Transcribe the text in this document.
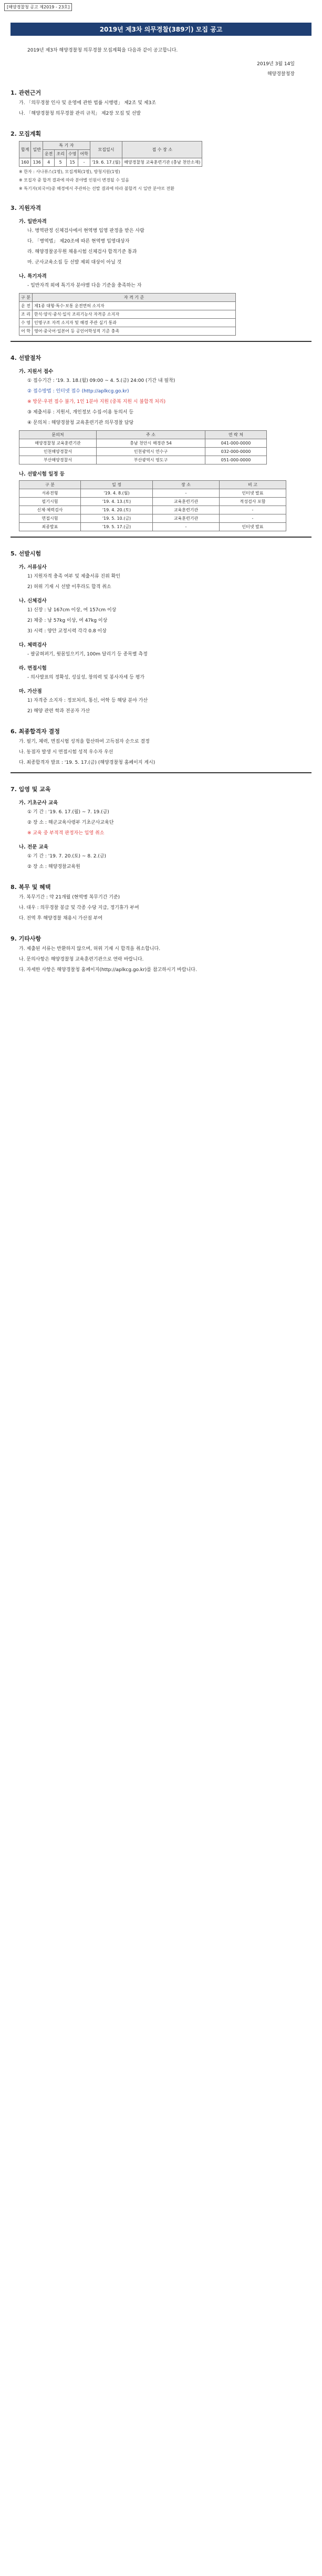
[해양경찰청 공고 제2019 - 23호]
2019년 제3차 의무경찰(389기) 모집 공고
2019년 제3차 해양경찰청 의무경찰 모집계획을 다음과 같이 공고합니다.
2019년 3월 14일
해양경찰청장
1. 관련근거
가. 「의무경찰 인사 및 운영에 관한 법률 시행령」 제2조 및 제3조
나. 「해양경찰청 의무경찰 관리 규칙」 제2장 모집 및 선발
2. 모집계획
합계	일반	특 기 자				모집일시	접 수 장 소
		운전	조리	수영	어학		
160	136	4	5	15	-	'19. 6. 17.(월)	해양경찰청 교육훈련기관 (충남 천안소재)
※ 한자 : 사나뷰스(1명), 모집계획(1명), 방청지원(1명)
※ 모집자 중 합격 결과에 따라 분야별 인원이 변경될 수 있음
※ 특기자(외국어)중 해경에서 주관하는 선발 결과에 따라 불합격 시 일반 분야로 전환
3. 지원자격
가. 일반자격
나. 병역판정 신체검사에서 현역병 입영 판정을 받은 사람
다. 「병역법」 제20조에 따른 현역병 입영대상자
라. 해양경찰공무원 채용시험 신체검사 합격기준 통과
마. 군사교육소집 등 선발 제외 대상이 아닐 것
나. 특기자격
- 일반자격 외에 특기자 분야별 다음 기준을 충족하는 자
구 분	자 격 기 준
운 전	제1종 대형·특수·보통 운전면허 소지자
조 리	한식·양식·중식·일식 조리기능사 자격증 소지자
수 영	인명구조 자격 소지자 및 해경 주관 실기 통과
어 학	영어·중국어·일본어 등 공인어학성적 기준 충족
4. 선발절차
가. 지원서 접수
① 접수기간 : '19. 3. 18.(월) 09:00 ~ 4. 5.(금) 24:00 (기간 내 필착)
② 접수방법 : 인터넷 접수 (http://aplkcg.go.kr)
※ 방문·우편 접수 불가, 1인 1분야 지원 (중복 지원 시 불합격 처리)
③ 제출서류 : 지원서, 개인정보 수집·이용 동의서 등
④ 문의처 : 해양경찰청 교육훈련기관 의무경찰 담당
문의처	주 소	연 락 처
해양경찰청 교육훈련기관	충남 천안시 해경관 54	041-000-0000
인천해양경찰서	인천광역시 연수구	032-000-0000
부산해양경찰서	부산광역시 영도구	051-000-0000
나. 선발시험 일정 등
구 분	일 정	장 소	비 고
서류전형	'19. 4. 8.(월)	-	인터넷 발표
필기시험	'19. 4. 13.(토)	교육훈련기관	적성검사 포함
신체·체력검사	'19. 4. 20.(토)	교육훈련기관	-
면접시험	'19. 5. 10.(금)	교육훈련기관	-
최종발표	'19. 5. 17.(금)	-	인터넷 발표
5. 선발시험
가. 서류심사
1) 지원자격 충족 여부 및 제출서류 진위 확인
2) 허위 기재 시 선발 이후라도 합격 취소
나. 신체검사
1) 신장 : 남 167cm 이상, 여 157cm 이상
2) 체중 : 남 57kg 이상, 여 47kg 이상
3) 시력 : 양안 교정시력 각각 0.8 이상
다. 체력검사
- 팔굽혀펴기, 윗몸일으키기, 100m 달리기 등 종목별 측정
라. 면접시험
- 의사발표의 정확성, 성실성, 창의력 및 봉사자세 등 평가
마. 가산점
1) 자격증 소지자 : 정보처리, 통신, 어학 등 해당 분야 가산
2) 해양 관련 학과 전공자 가산
6. 최종합격자 결정
가. 필기, 체력, 면접시험 성적을 합산하여 고득점자 순으로 결정
나. 동점자 발생 시 면접시험 성적 우수자 우선
다. 최종합격자 발표 : '19. 5. 17.(금) (해양경찰청 홈페이지 게시)
7. 입영 및 교육
가. 기초군사 교육
① 기 간 : '19. 6. 17.(월) ~ 7. 19.(금)
② 장 소 : 해군교육사령부 기초군사교육단
※ 교육 중 부적격 판정자는 입영 취소
나. 전문 교육
① 기 간 : '19. 7. 20.(토) ~ 8. 2.(금)
② 장 소 : 해양경찰교육원
8. 복무 및 혜택
가. 복무기간 : 약 21개월 (현역병 복무기간 기준)
나. 대우 : 의무경찰 봉급 및 각종 수당 지급, 정기휴가 부여
다. 전역 후 해양경찰 채용시 가산점 부여
9. 기타사항
가. 제출된 서류는 반환하지 않으며, 허위 기재 시 합격을 취소합니다.
나. 문의사항은 해양경찰청 교육훈련기관으로 연락 바랍니다.
다. 자세한 사항은 해양경찰청 홈페이지(http://aplkcg.go.kr)를 참고하시기 바랍니다.
